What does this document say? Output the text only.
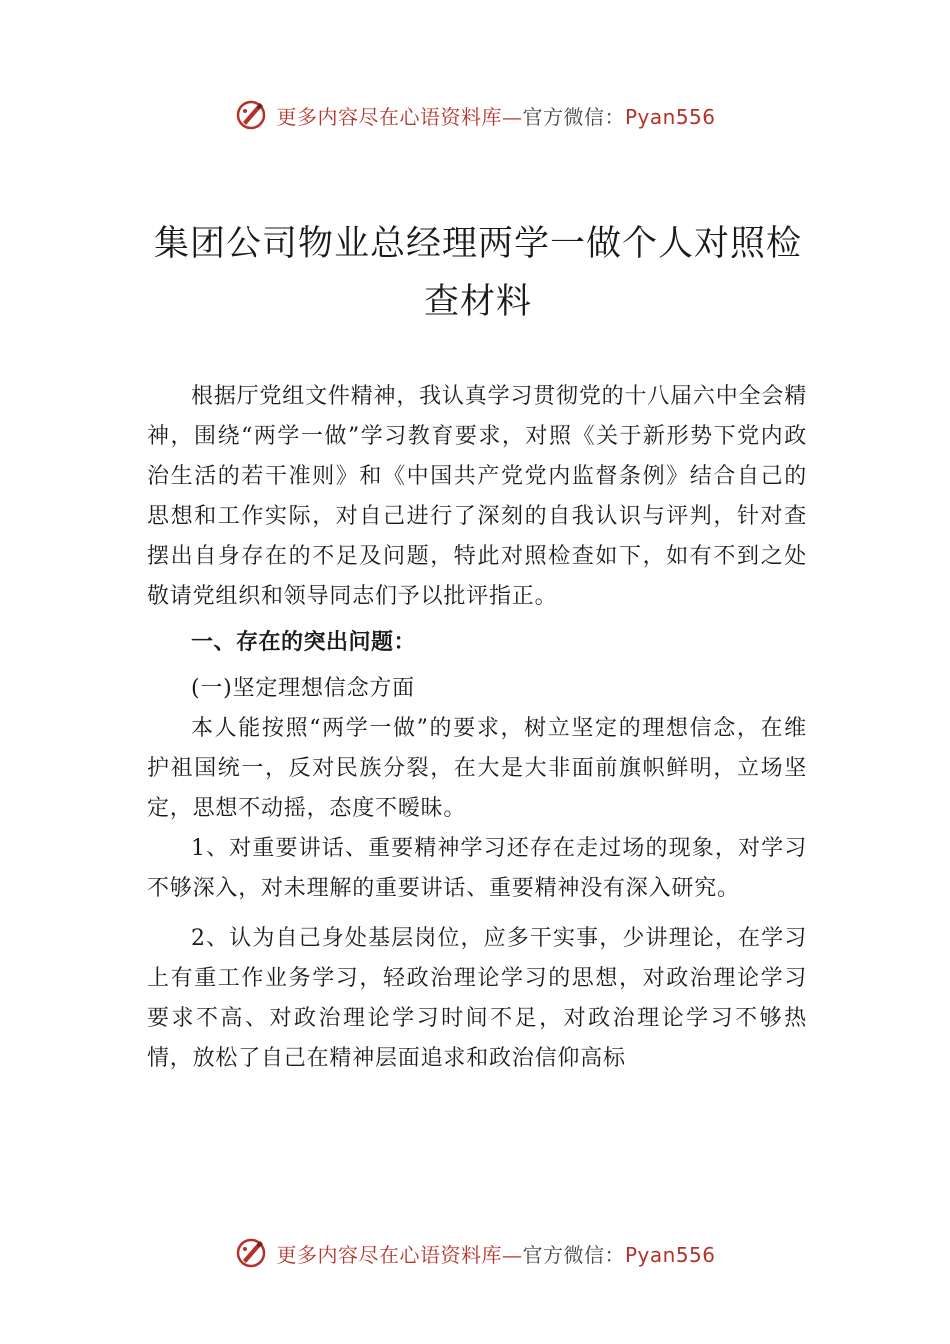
更多内容尽在心语资料库—官方微信：Pyan556
集团公司物业总经理两学一做个人对照检
查材料

根据厅党组文件精神，我认真学习贯彻党的十八届六中全会精神，围绕“两学一做”学习教育要求，对照《关于新形势下党内政治生活的若干准则》和《中国共产党党内监督条例》结合自己的思想和工作实际，对自己进行了深刻的自我认识与评判，针对查摆出自身存在的不足及问题，特此对照检查如下，如有不到之处敬请党组织和领导同志们予以批评指正。

一、存在的突出问题：

(一)坚定理想信念方面

本人能按照“两学一做”的要求，树立坚定的理想信念，在维护祖国统一，反对民族分裂，在大是大非面前旗帜鲜明，立场坚定，思想不动摇，态度不暧昧。

1、对重要讲话、重要精神学习还存在走过场的现象，对学习不够深入，对未理解的重要讲话、重要精神没有深入研究。

2、认为自己身处基层岗位，应多干实事，少讲理论，在学习上有重工作业务学习，轻政治理论学习的思想，对政治理论学习要求不高、对政治理论学习时间不足，对政治理论学习不够热情，放松了自己在精神层面追求和政治信仰高标

更多内容尽在心语资料库—官方微信：Pyan556
